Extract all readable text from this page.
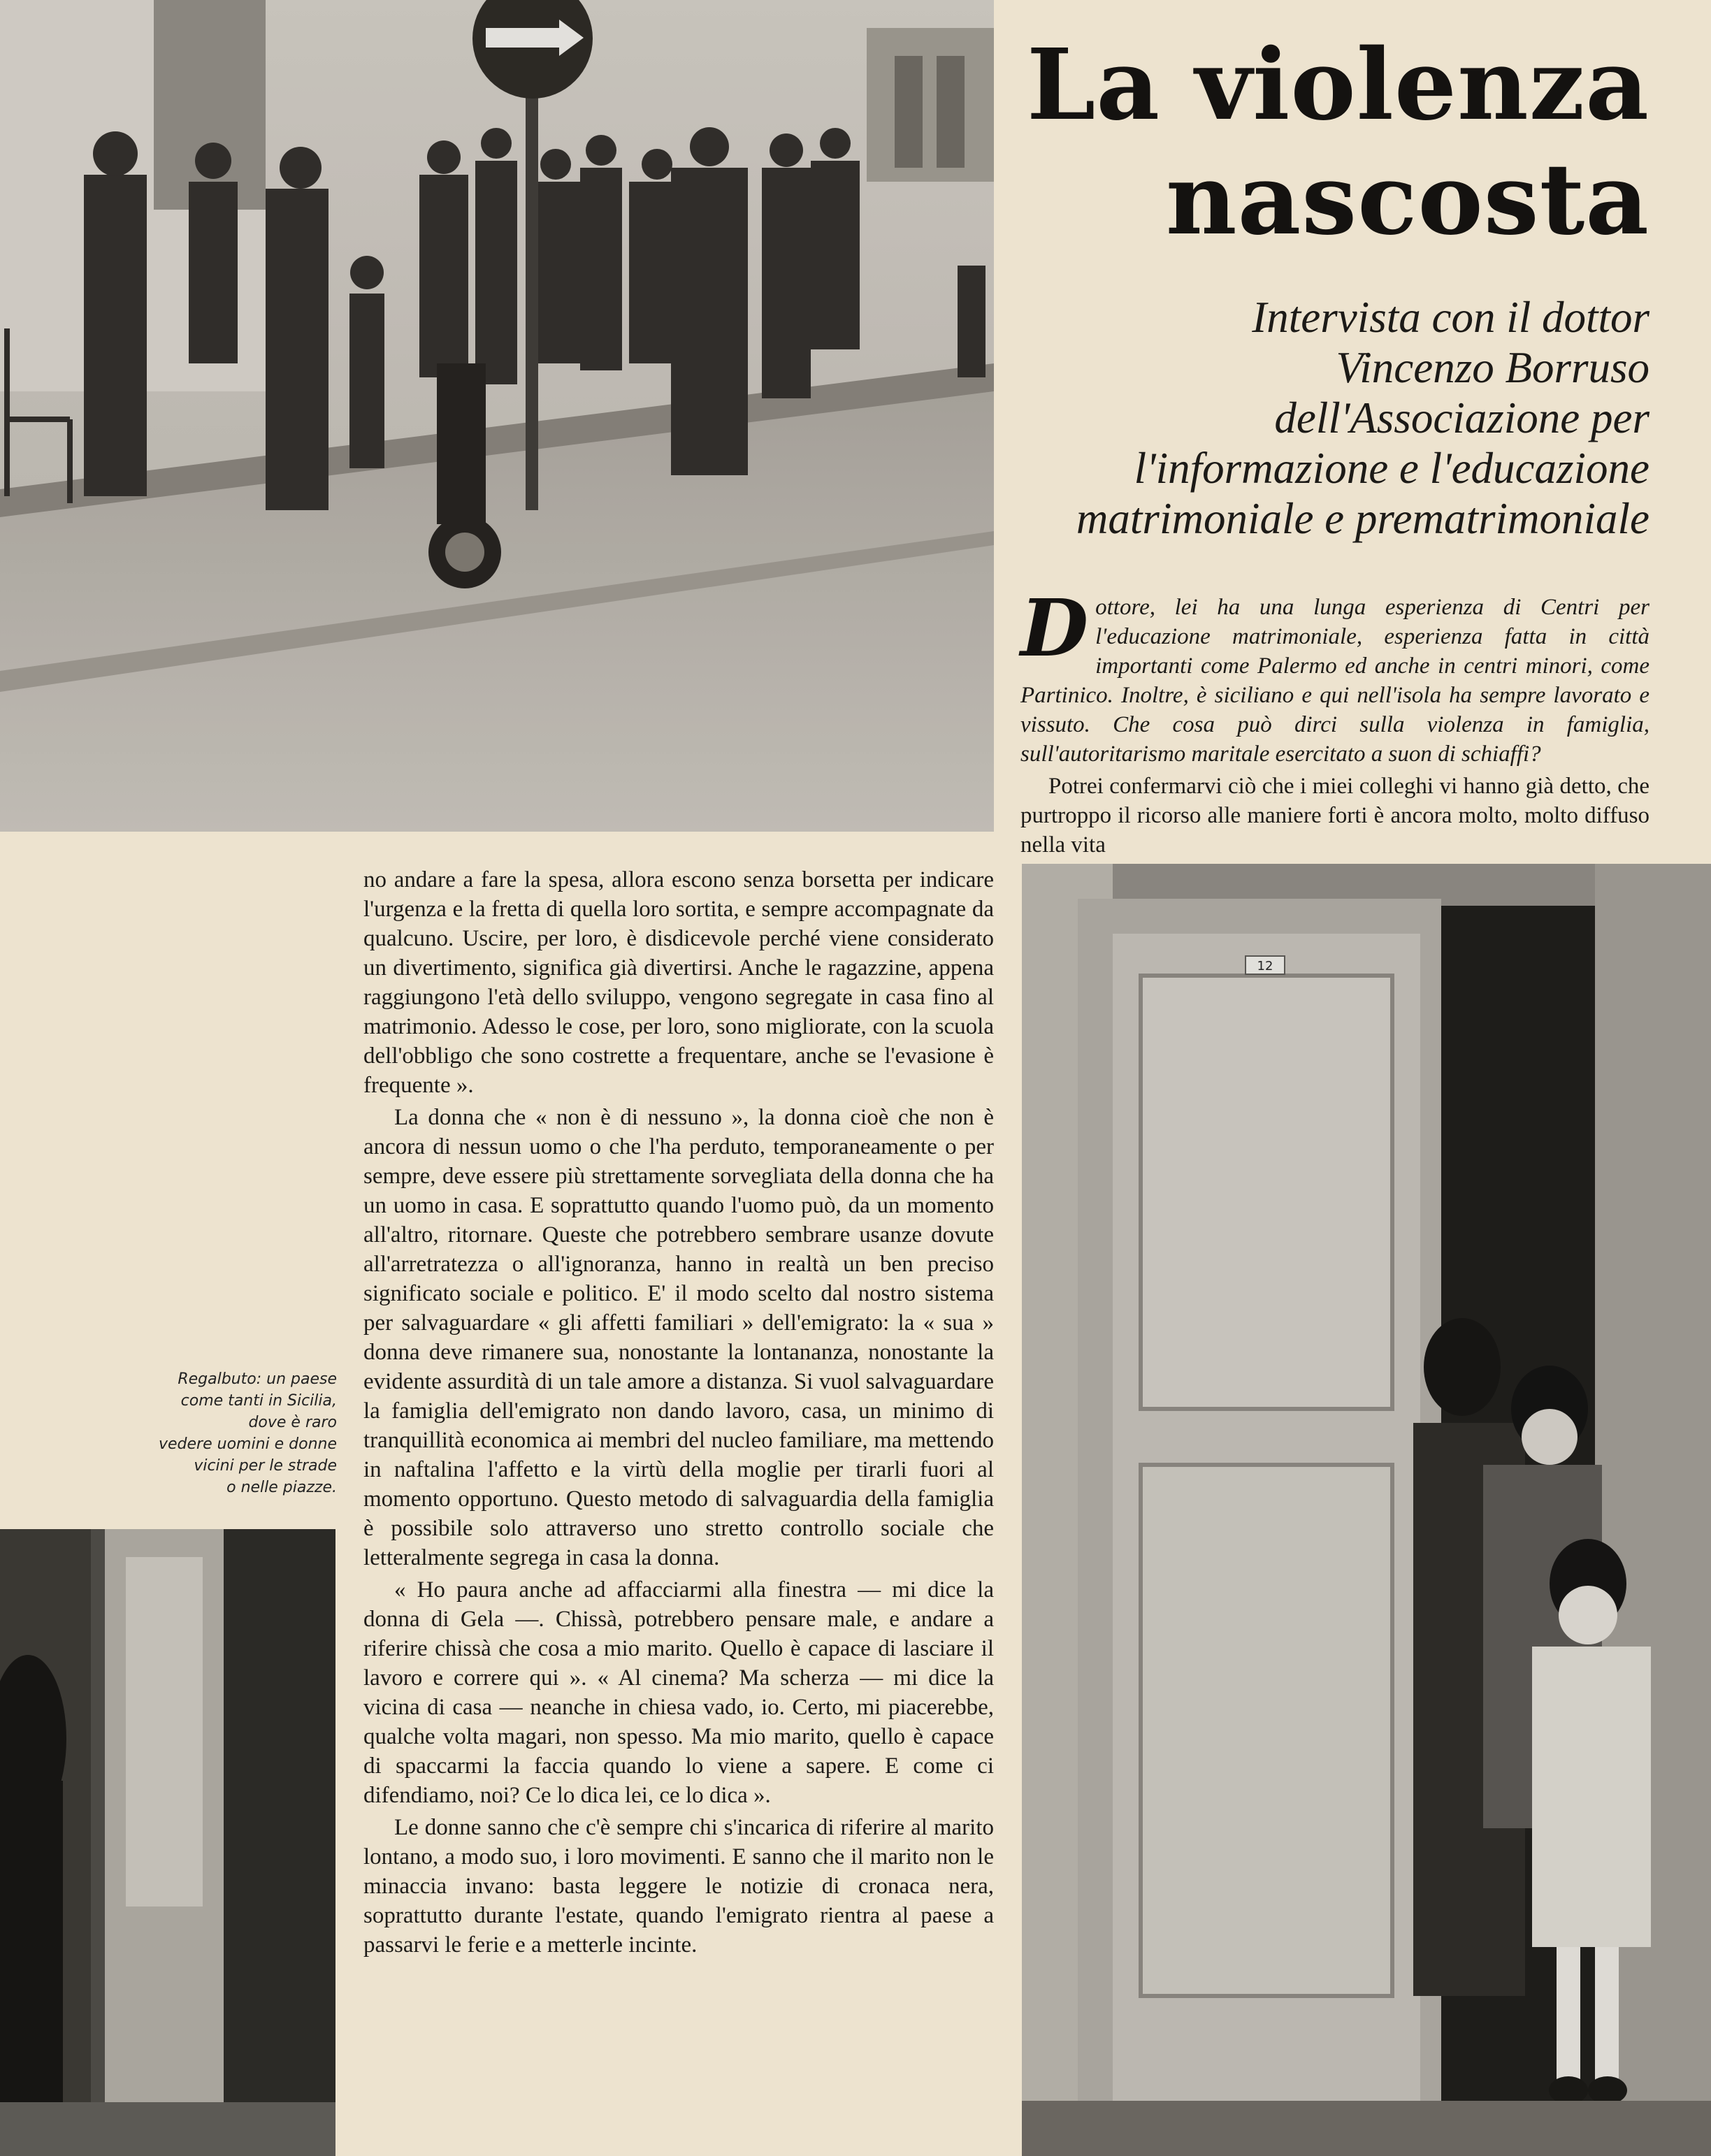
La violenza
nascosta
Intervista con il dottor
Vincenzo Borruso
dell'Associazione per
l'informazione e l'educazione
matrimoniale e prematrimoniale
D ottore, lei ha una lunga esperienza di Centri per l'educazione matrimoniale, esperienza fatta in città importanti come Palermo ed anche in centri minori, come Partinico. Inoltre, è siciliano e qui nell'isola ha sempre lavorato e vissuto. Che cosa può dirci sulla violenza in famiglia, sull'autoritarismo maritale esercitato a suon di schiaffi?
Potrei confermarvi ciò che i miei colleghi vi hanno già detto, che purtroppo il ricorso alle maniere forti è ancora molto, molto diffuso nella vita

no andare a fare la spesa, allora escono senza borsetta per indicare l'urgenza e la fretta di quella loro sortita, e sempre accompagnate da qualcuno. Uscire, per loro, è disdicevole perché viene considerato un divertimento, significa già divertirsi. Anche le ragazzine, appena raggiungono l'età dello sviluppo, vengono segregate in casa fino al matrimonio. Adesso le cose, per loro, sono migliorate, con la scuola dell'obbligo che sono costrette a frequentare, anche se l'evasione è frequente ».

La donna che « non è di nessuno », la donna cioè che non è ancora di nessun uomo o che l'ha perduto, temporaneamente o per sempre, deve essere più strettamente sorvegliata della donna che ha un uomo in casa. E soprattutto quando l'uomo può, da un momento all'altro, ritornare. Queste che potrebbero sembrare usanze dovute all'arretratezza o all'ignoranza, hanno in realtà un ben preciso significato sociale e politico. E' il modo scelto dal nostro sistema per salvaguardare « gli affetti familiari » dell'emigrato: la « sua » donna deve rimanere sua, nonostante la lontananza, nonostante la evidente assurdità di un tale amore a distanza. Si vuol salvaguardare la famiglia dell'emigrato non dando lavoro, casa, un minimo di tranquillità economica ai membri del nucleo familiare, ma mettendo in naftalina l'affetto e la virtù della moglie per tirarli fuori al momento opportuno. Questo metodo di salvaguardia della famiglia è possibile solo attraverso uno stretto controllo sociale che letteralmente segrega in casa la donna.

« Ho paura anche ad affacciarmi alla finestra — mi dice la donna di Gela —. Chissà, potrebbero pensare male, e andare a riferire chissà che cosa a mio marito. Quello è capace di lasciare il lavoro e correre qui ». « Al cinema? Ma scherza — mi dice la vicina di casa — neanche in chiesa vado, io. Certo, mi piacerebbe, qualche volta magari, non spesso. Ma mio marito, quello è capace di spaccarmi la faccia quando lo viene a sapere. E come ci difendiamo, noi? Ce lo dica lei, ce lo dica ».

Le donne sanno che c'è sempre chi s'incarica di riferire al marito lontano, a modo suo, i loro movimenti. E sanno che il marito non le minaccia invano: basta leggere le notizie di cronaca nera, soprattutto durante l'estate, quando l'emigrato rientra al paese a passarvi le ferie e a metterle incinte.

Regalbuto: un paese
come tanti in Sicilia,
dove è raro
vedere uomini e donne
vicini per le strade
o nelle piazze.
12
